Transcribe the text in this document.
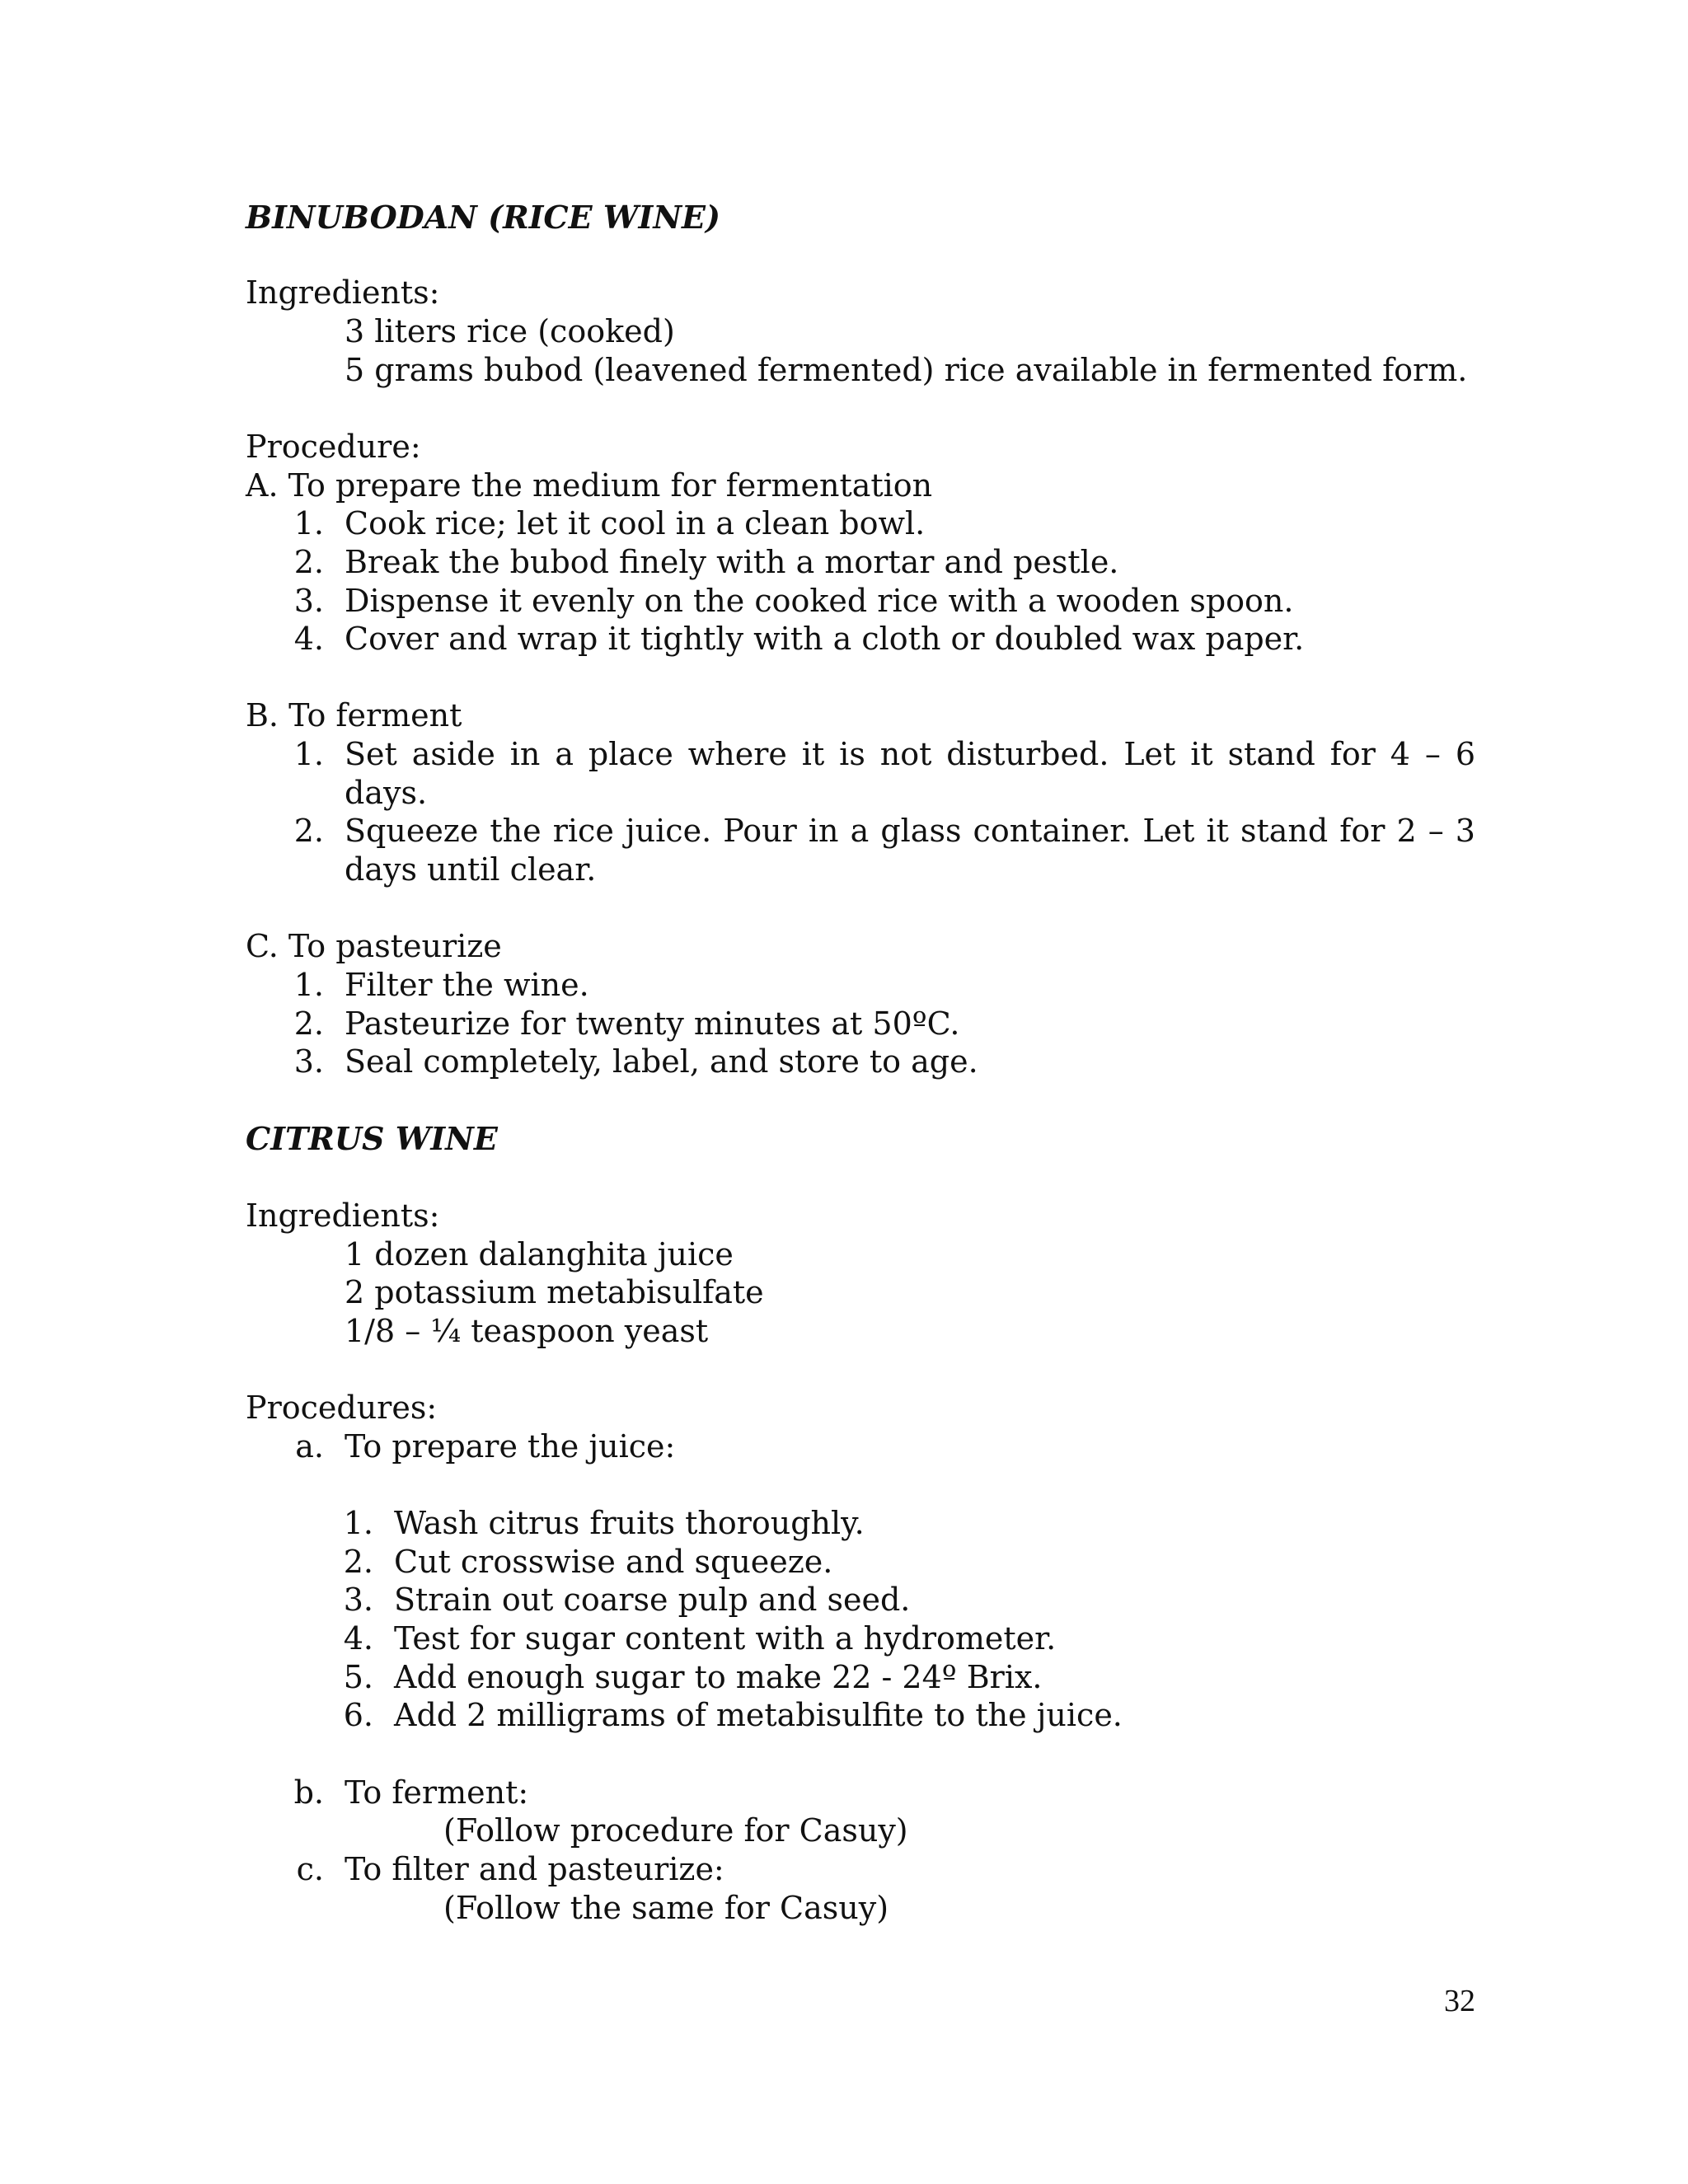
BINUBODAN (RICE WINE)
Ingredients:
3 liters rice (cooked)
5 grams bubod (leavened fermented) rice available in fermented form.
Procedure:
A. To prepare the medium for fermentation
1. Cook rice; let it cool in a clean bowl.
2. Break the bubod finely with a mortar and pestle.
3. Dispense it evenly on the cooked rice with a wooden spoon.
4. Cover and wrap it tightly with a cloth or doubled wax paper.
B. To ferment
1. Set aside in a place where it is not disturbed. Let it stand for 4 – 6
days.
2. Squeeze the rice juice. Pour in a glass container. Let it stand for 2 – 3
days until clear.
C. To pasteurize
1. Filter the wine.
2. Pasteurize for twenty minutes at 50ºC.
3. Seal completely, label, and store to age.
CITRUS WINE
Ingredients:
1 dozen dalanghita juice
2 potassium metabisulfate
1/8 – ¼ teaspoon yeast
Procedures:
a. To prepare the juice:
1. Wash citrus fruits thoroughly.
2. Cut crosswise and squeeze.
3. Strain out coarse pulp and seed.
4. Test for sugar content with a hydrometer.
5. Add enough sugar to make 22 - 24º Brix.
6. Add 2 milligrams of metabisulfite to the juice.
b. To ferment:
(Follow procedure for Casuy)
c. To filter and pasteurize:
(Follow the same for Casuy)
32
